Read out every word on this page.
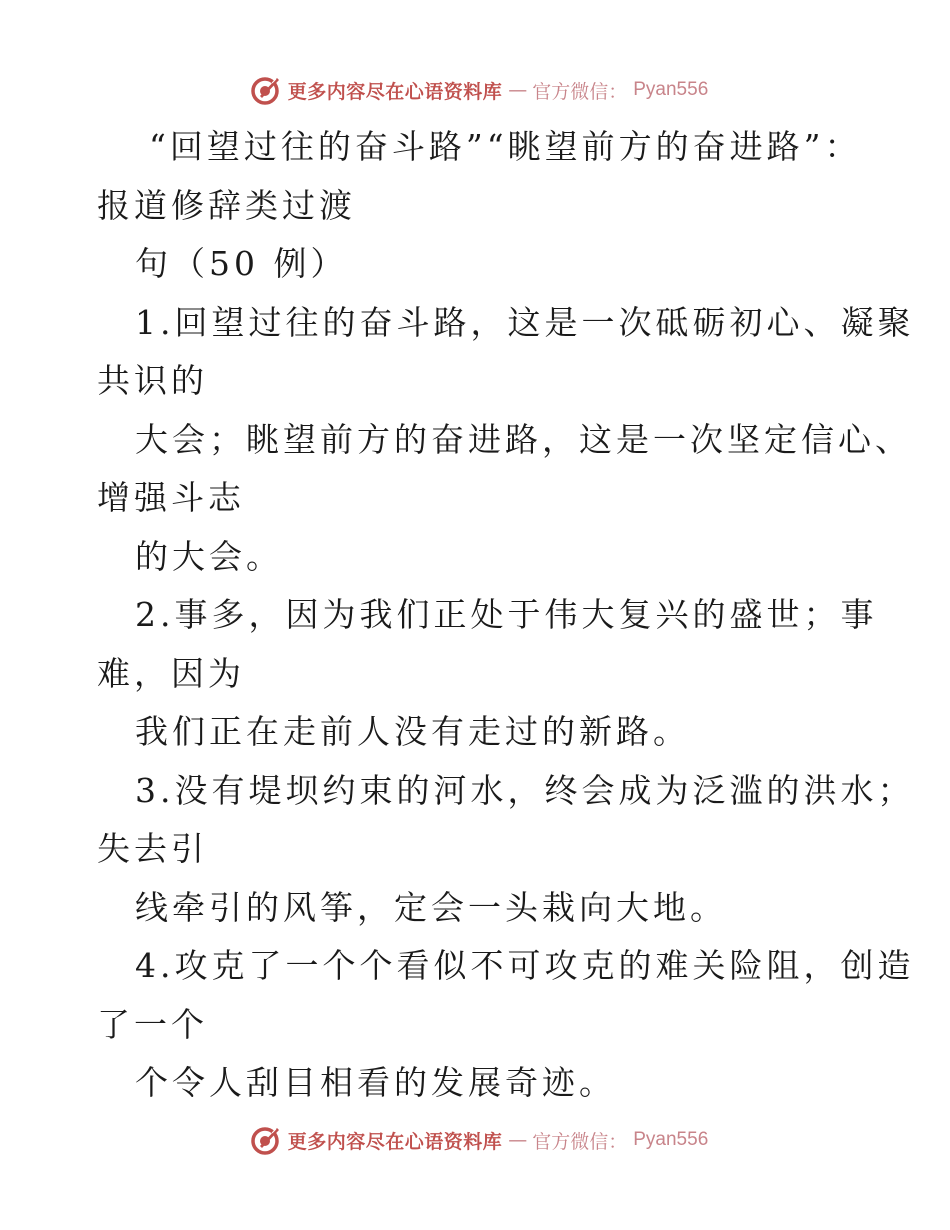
更多内容尽在心语资料库 — 官方微信： Pyan556
“回望过往的奋斗路”“眺望前方的奋进路”：
报道修辞类过渡
句（50 例）
1.回望过往的奋斗路，这是一次砥砺初心、凝聚
共识的
大会；眺望前方的奋进路，这是一次坚定信心、
增强斗志
的大会。
2.事多，因为我们正处于伟大复兴的盛世；事
难，因为
我们正在走前人没有走过的新路。
3.没有堤坝约束的河水，终会成为泛滥的洪水；
失去引
线牵引的风筝，定会一头栽向大地。
4.攻克了一个个看似不可攻克的难关险阻，创造
了一个
个令人刮目相看的发展奇迹。
更多内容尽在心语资料库 — 官方微信： Pyan556
